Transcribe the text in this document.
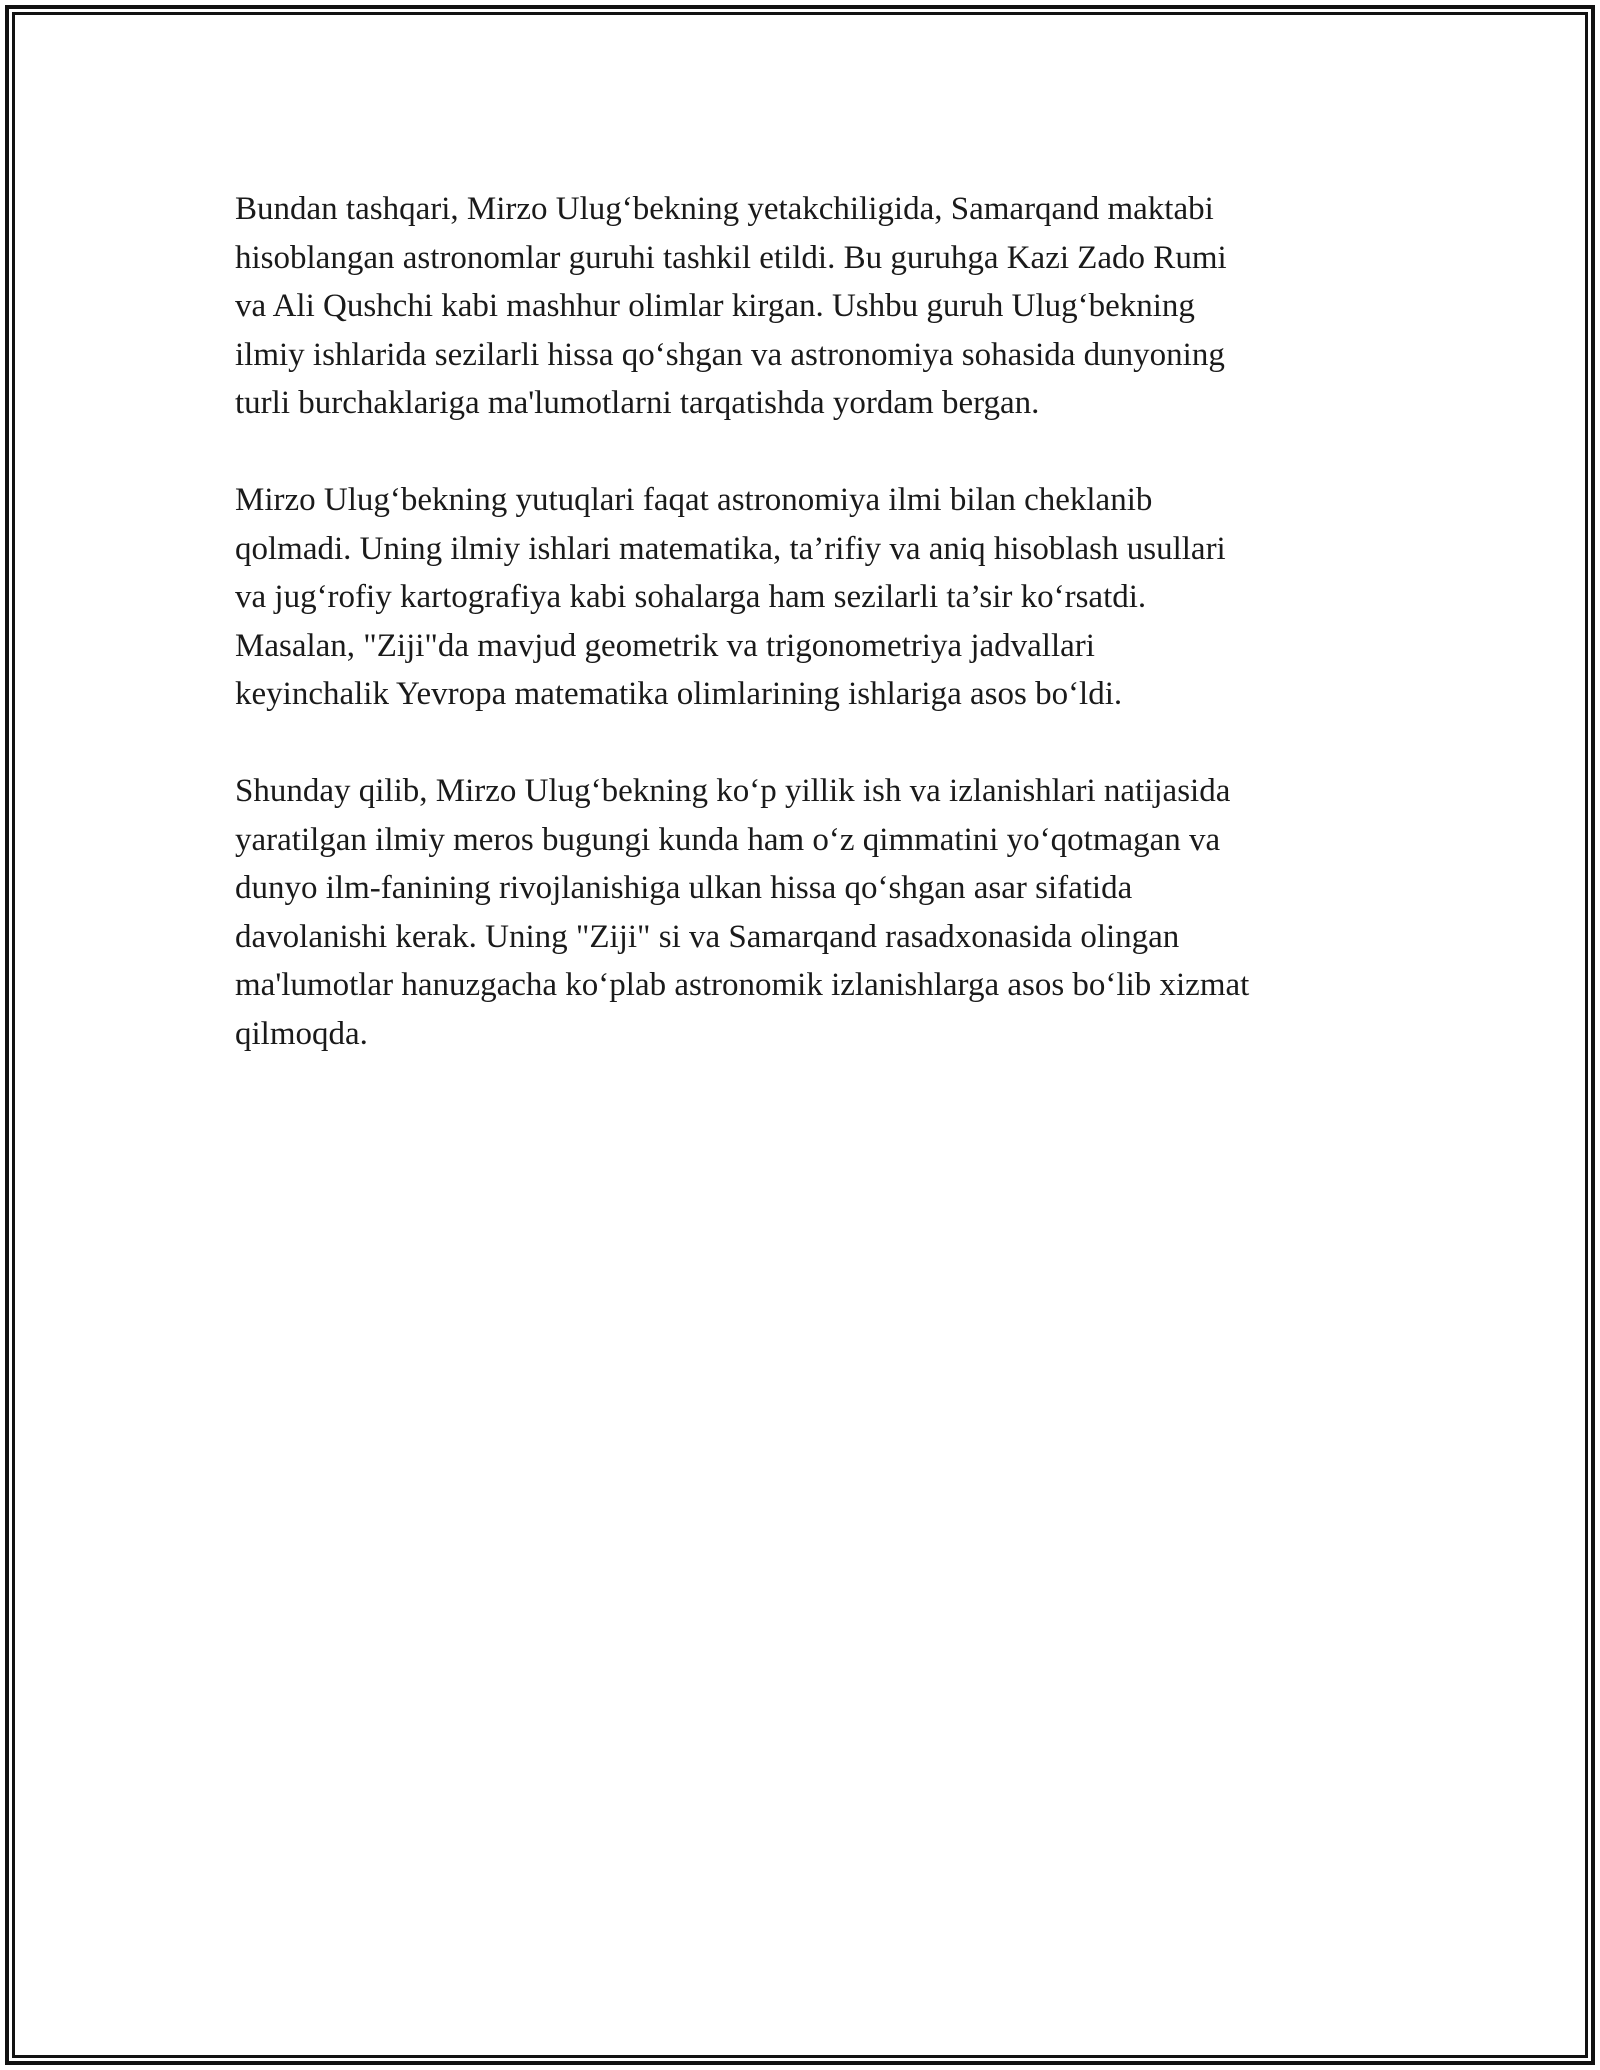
Bundan tashqari, Mirzo Ulug‘bekning yetakchiligida, Samarqand maktabi
hisoblangan astronomlar guruhi tashkil etildi. Bu guruhga Kazi Zado Rumi
va Ali Qushchi kabi mashhur olimlar kirgan. Ushbu guruh Ulug‘bekning
ilmiy ishlarida sezilarli hissa qo‘shgan va astronomiya sohasida dunyoning
turli burchaklariga ma'lumotlarni tarqatishda yordam bergan.

Mirzo Ulug‘bekning yutuqlari faqat astronomiya ilmi bilan cheklanib
qolmadi. Uning ilmiy ishlari matematika, ta’rifiy va aniq hisoblash usullari
va jug‘rofiy kartografiya kabi sohalarga ham sezilarli ta’sir ko‘rsatdi.
Masalan, "Ziji"da mavjud geometrik va trigonometriya jadvallari
keyinchalik Yevropa matematika olimlarining ishlariga asos bo‘ldi.

Shunday qilib, Mirzo Ulug‘bekning ko‘p yillik ish va izlanishlari natijasida
yaratilgan ilmiy meros bugungi kunda ham o‘z qimmatini yo‘qotmagan va
dunyo ilm-fanining rivojlanishiga ulkan hissa qo‘shgan asar sifatida
davolanishi kerak. Uning "Ziji" si va Samarqand rasadxonasida olingan
ma'lumotlar hanuzgacha ko‘plab astronomik izlanishlarga asos bo‘lib xizmat
qilmoqda.
